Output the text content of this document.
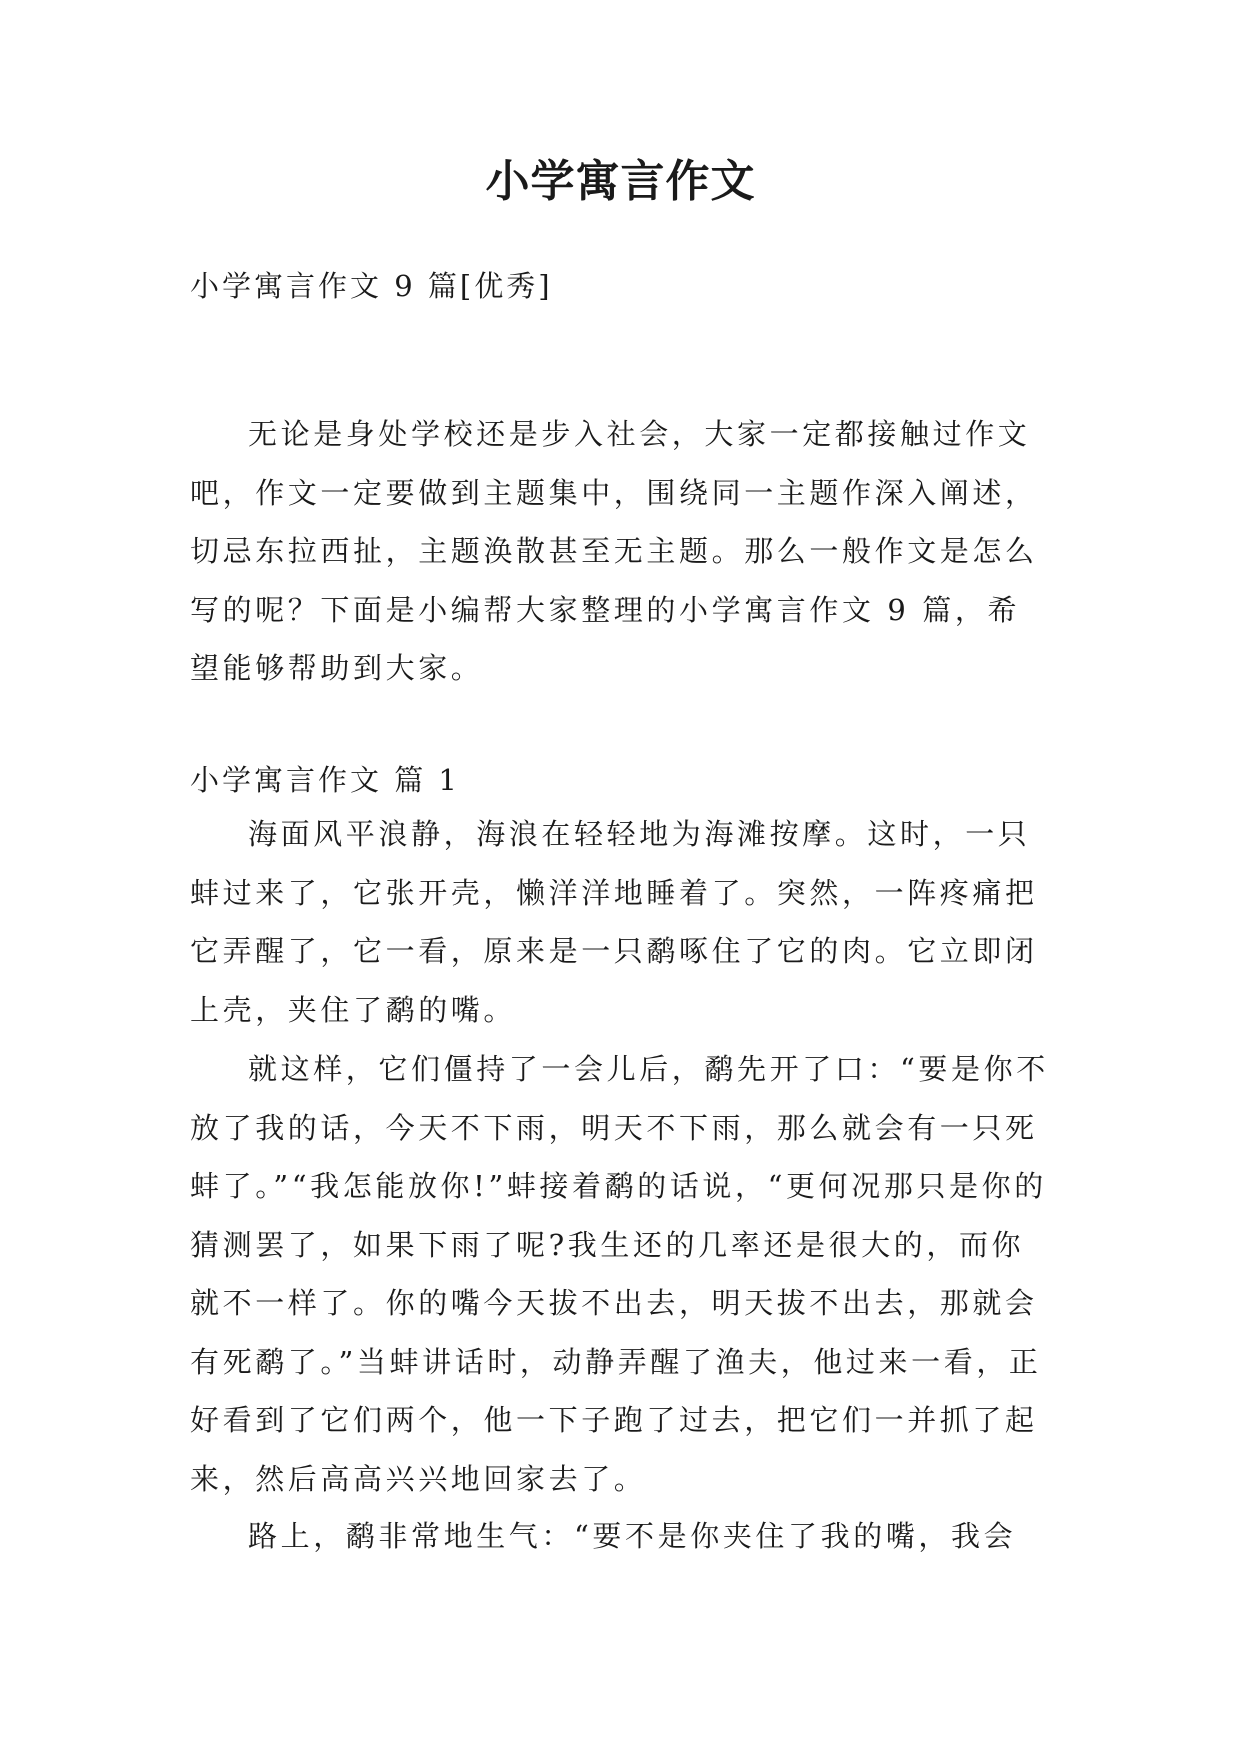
小学寓言作文

小学寓言作文 9 篇[优秀]

无论是身处学校还是步入社会，大家一定都接触过作文吧，作文一定要做到主题集中，围绕同一主题作深入阐述，切忌东拉西扯，主题涣散甚至无主题。那么一般作文是怎么写的呢？下面是小编帮大家整理的小学寓言作文 9 篇，希望能够帮助到大家。

小学寓言作文 篇 1

海面风平浪静，海浪在轻轻地为海滩按摩。这时，一只蚌过来了，它张开壳，懒洋洋地睡着了。突然，一阵疼痛把它弄醒了，它一看，原来是一只鹬啄住了它的肉。它立即闭上壳，夹住了鹬的嘴。

就这样，它们僵持了一会儿后，鹬先开了口：“要是你不放了我的话，今天不下雨，明天不下雨，那么就会有一只死蚌了。”“我怎能放你!”蚌接着鹬的话说，“更何况那只是你的猜测罢了，如果下雨了呢?我生还的几率还是很大的，而你就不一样了。你的嘴今天拔不出去，明天拔不出去，那就会有死鹬了。”当蚌讲话时，动静弄醒了渔夫，他过来一看，正好看到了它们两个，他一下子跑了过去，把它们一并抓了起来，然后高高兴兴地回家去了。

路上，鹬非常地生气：“要不是你夹住了我的嘴，我会
